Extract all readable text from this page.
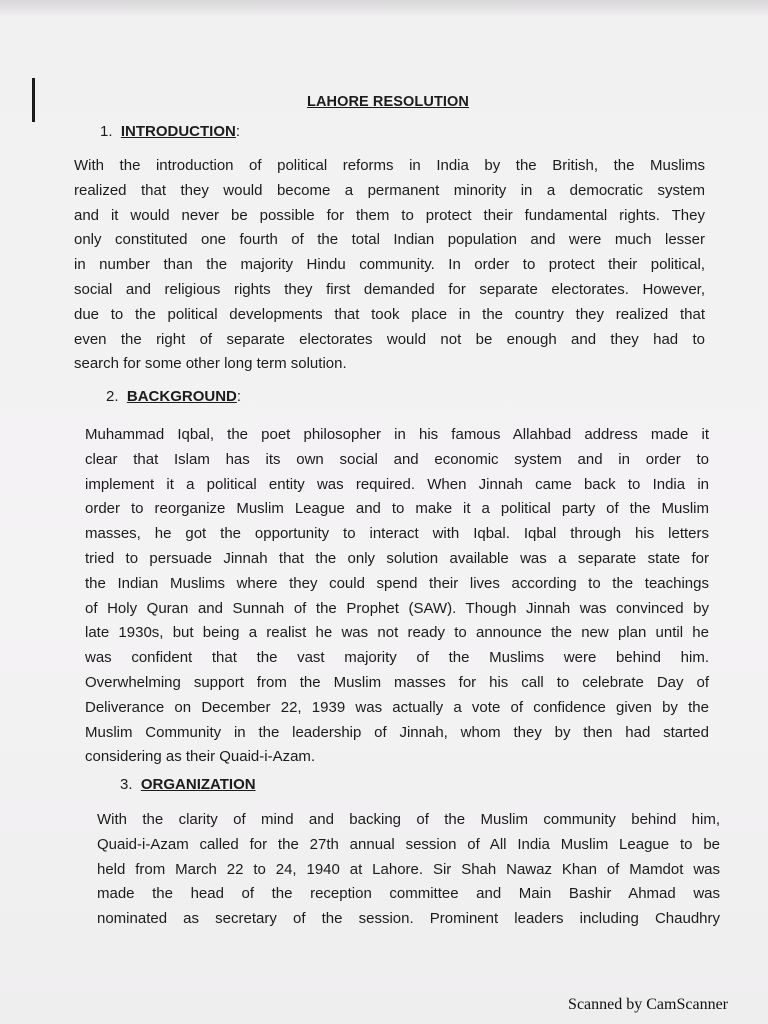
LAHORE RESOLUTION
1. INTRODUCTION:
With the introduction of political reforms in India by the British, the Muslims
realized that they would become a permanent minority in a democratic system
and it would never be possible for them to protect their fundamental rights. They
only constituted one fourth of the total Indian population and were much lesser
in number than the majority Hindu community. In order to protect their political,
social and religious rights they first demanded for separate electorates. However,
due to the political developments that took place in the country they realized that
even the right of separate electorates would not be enough and they had to
search for some other long term solution.
2. BACKGROUND:
Muhammad Iqbal, the poet philosopher in his famous Allahbad address made it
clear that Islam has its own social and economic system and in order to
implement it a political entity was required. When Jinnah came back to India in
order to reorganize Muslim League and to make it a political party of the Muslim
masses, he got the opportunity to interact with Iqbal. Iqbal through his letters
tried to persuade Jinnah that the only solution available was a separate state for
the Indian Muslims where they could spend their lives according to the teachings
of Holy Quran and Sunnah of the Prophet (SAW). Though Jinnah was convinced by
late 1930s, but being a realist he was not ready to announce the new plan until he
was confident that the vast majority of the Muslims were behind him.
Overwhelming support from the Muslim masses for his call to celebrate Day of
Deliverance on December 22, 1939 was actually a vote of confidence given by the
Muslim Community in the leadership of Jinnah, whom they by then had started
considering as their Quaid-i-Azam.
3. ORGANIZATION
With the clarity of mind and backing of the Muslim community behind him,
Quaid-i-Azam called for the 27th annual session of All India Muslim League to be
held from March 22 to 24, 1940 at Lahore. Sir Shah Nawaz Khan of Mamdot was
made the head of the reception committee and Main Bashir Ahmad was
nominated as secretary of the session. Prominent leaders including Chaudhry
Scanned by CamScanner
